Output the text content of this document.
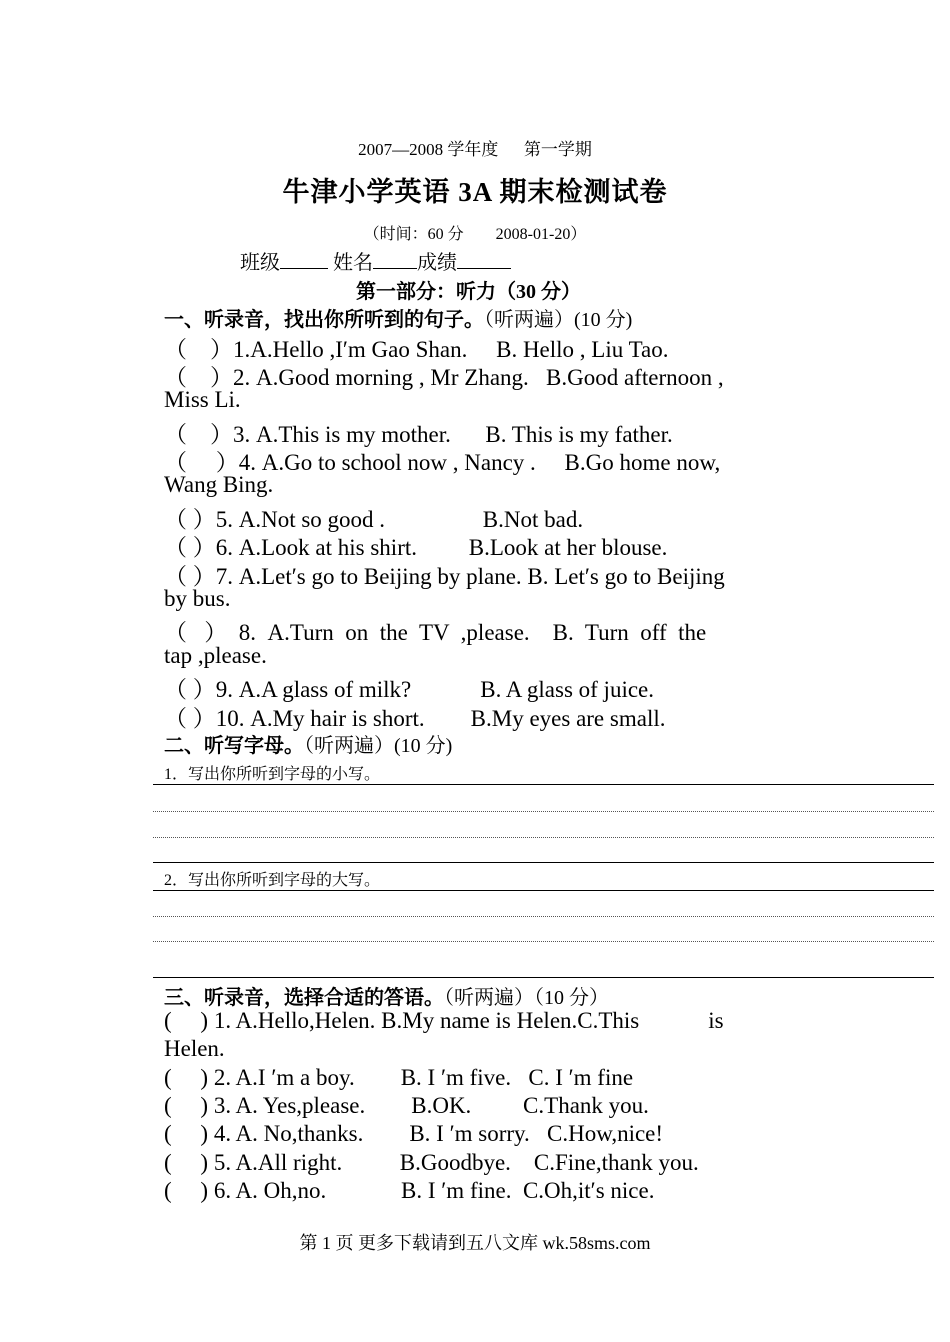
2007—2008 学年度      第一学期
牛津小学英语 3A 期末检测试卷
（时间：60 分        2008-01-20）
班级	姓名 成绩
第一部分：听力（30 分）
一、听录音，找出你所听到的句子。（听两遍）(10 分)
（    ）1.A.Hello ,I′m Gao Shan.     B. Hello , Liu Tao.
（    ）2. A.Good morning , Mr Zhang.   B.Good afternoon ,
Miss Li.
（    ）3. A.This is my mother.      B. This is my father.
（     ）4. A.Go to school now , Nancy .     B.Go home now,
Wang Bing.
（ ）5. A.Not so good .                 B.Not bad.
（ ）6. A.Look at his shirt.         B.Look at her blouse.
（ ）7. A.Let′s go to Beijing by plane. B. Let′s go to Beijing
by bus.
（   ）  8.  A.Turn  on  the  TV  ,please.    B.  Turn  off  the
tap ,please.
（ ）9. A.A glass of milk?            B. A glass of juice.
（ ）10. A.My hair is short.        B.My eyes are small.
二、听写字母。（听两遍）(10 分)
1．写出你所听到字母的小写。
2．写出你所听到字母的大写。
三、听录音，选择合适的答语。（听两遍）（10 分）
(     ) 1. A.Hello,Helen. B.My name is Helen.C.This            is
Helen.
(     ) 2. A.I ′m a boy.        B. I ′m five.   C. I ′m fine
(     ) 3. A. Yes,please.        B.OK.         C.Thank you.
(     ) 4. A. No,thanks.        B. I ′m sorry.   C.How,nice!
(     ) 5. A.All right.          B.Goodbye.    C.Fine,thank you.
(     ) 6. A. Oh,no.             B. I ′m fine.  C.Oh,it′s nice.
第 1 页 更多下载请到五八文库 wk.58sms.com
